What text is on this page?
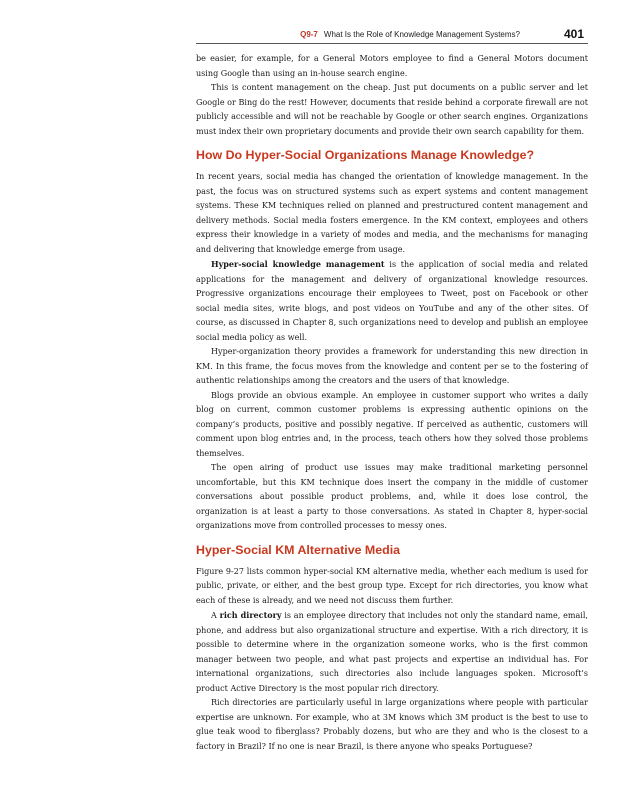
Q9-7 What Is the Role of Knowledge Management Systems?	401

be easier, for example, for a General Motors employee to find a General Motors document using Google than using an in-house search engine.

This is content management on the cheap. Just put documents on a public server and let Google or Bing do the rest! However, documents that reside behind a corporate firewall are not publicly accessible and will not be reachable by Google or other search engines. Organizations must index their own proprietary documents and provide their own search capability for them.

How Do Hyper-Social Organizations Manage Knowledge?

In recent years, social media has changed the orientation of knowledge management. In the past, the focus was on structured systems such as expert systems and content management systems. These KM techniques relied on planned and prestructured content management and delivery methods. Social media fosters emergence. In the KM context, employees and others express their knowledge in a variety of modes and media, and the mechanisms for managing and delivering that knowledge emerge from usage.

Hyper-social knowledge management is the application of social media and related applications for the management and delivery of organizational knowledge resources. Progressive organizations encourage their employees to Tweet, post on Facebook or other social media sites, write blogs, and post videos on YouTube and any of the other sites. Of course, as discussed in Chapter 8, such organizations need to develop and publish an employee social media policy as well.

Hyper-organization theory provides a framework for understanding this new direction in KM. In this frame, the focus moves from the knowledge and content per se to the fostering of authentic relationships among the creators and the users of that knowledge.

Blogs provide an obvious example. An employee in customer support who writes a daily blog on current, common customer problems is expressing authentic opinions on the company’s products, positive and possibly negative. If perceived as authentic, customers will comment upon blog entries and, in the process, teach others how they solved those problems themselves.

The open airing of product use issues may make traditional marketing personnel uncomfortable, but this KM technique does insert the company in the middle of customer conversations about possible product problems, and, while it does lose control, the organization is at least a party to those conversations. As stated in Chapter 8, hyper-social organizations move from controlled processes to messy ones.

Hyper-Social KM Alternative Media

Figure 9-27 lists common hyper-social KM alternative media, whether each medium is used for public, private, or either, and the best group type. Except for rich directories, you know what each of these is already, and we need not discuss them further.

A rich directory is an employee directory that includes not only the standard name, email, phone, and address but also organizational structure and expertise. With a rich directory, it is possible to determine where in the organization someone works, who is the first common manager between two people, and what past projects and expertise an individual has. For international organizations, such directories also include languages spoken. Microsoft’s product Active Directory is the most popular rich directory.

Rich directories are particularly useful in large organizations where people with particular expertise are unknown. For example, who at 3M knows which 3M product is the best to use to glue teak wood to fiberglass? Probably dozens, but who are they and who is the closest to a factory in Brazil? If no one is near Brazil, is there anyone who speaks Portuguese?
